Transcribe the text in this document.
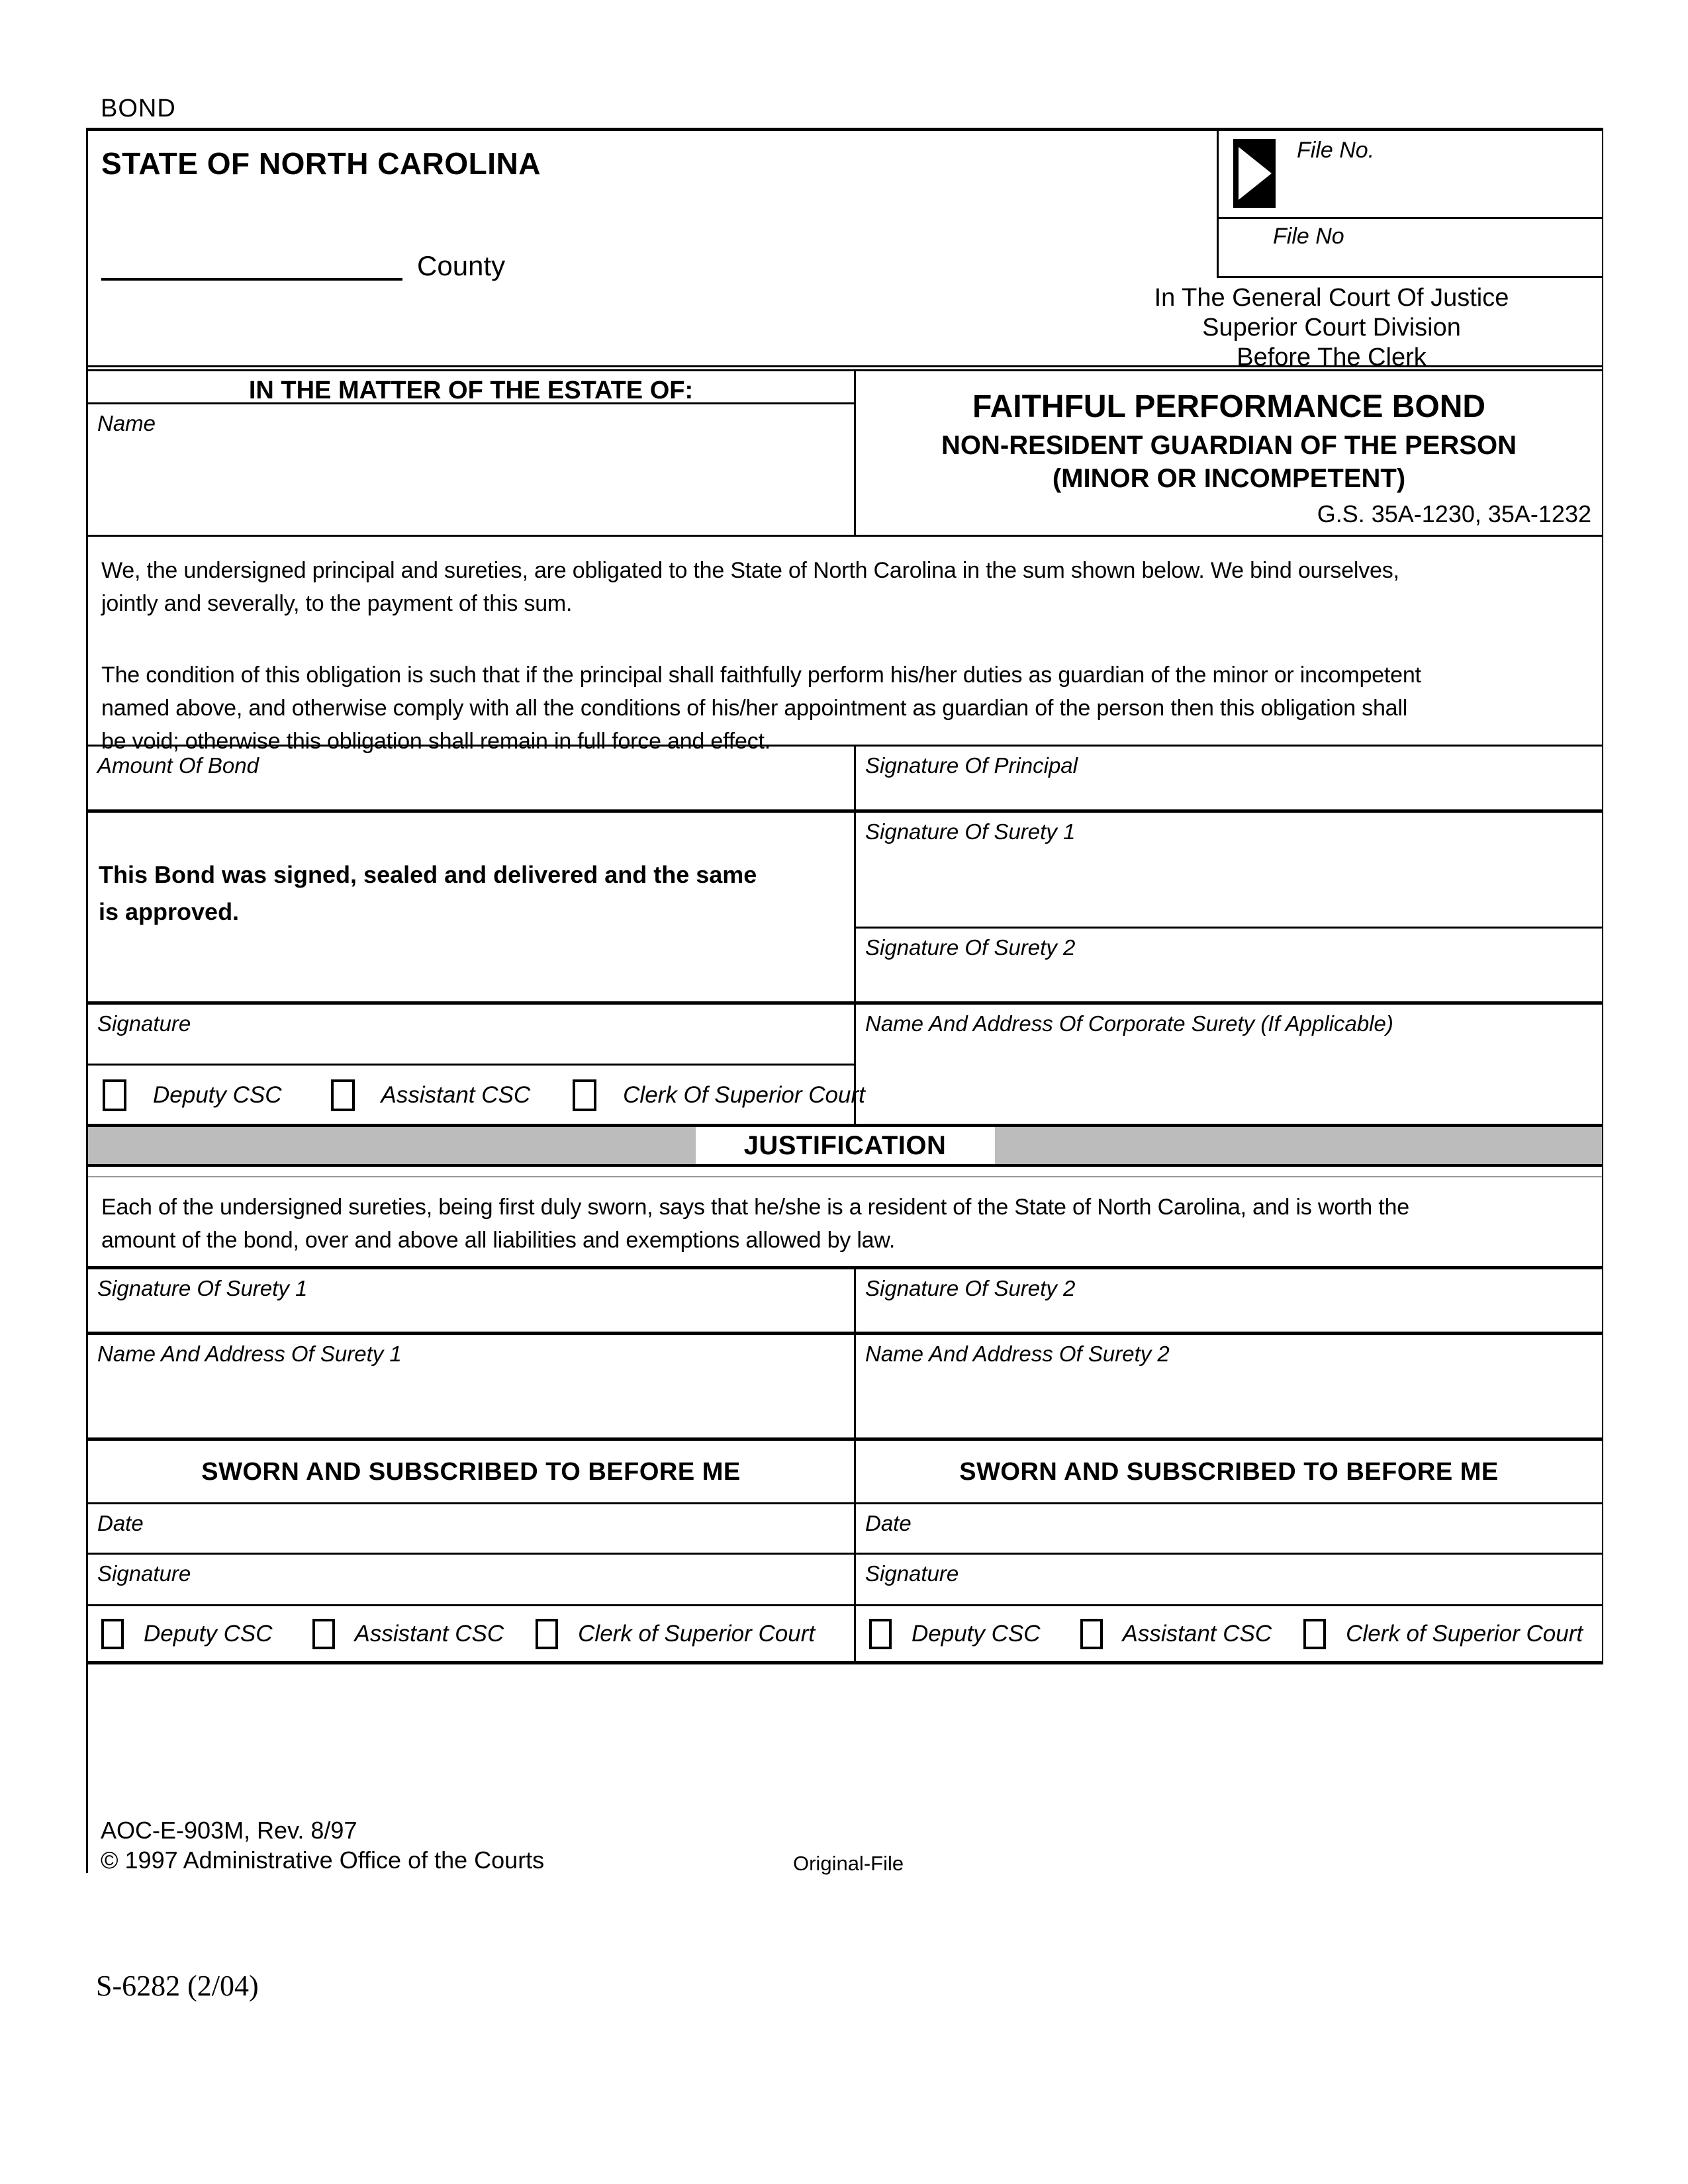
BOND
STATE OF NORTH CAROLINA
County
File No.
File No
In The General Court Of Justice
Superior Court Division
Before The Clerk
IN THE MATTER OF THE ESTATE OF:
Name	FAITHFUL PERFORMANCE BOND
NON-RESIDENT GUARDIAN OF THE PERSON
(MINOR OR INCOMPETENT)
G.S. 35A-1230, 35A-1232
We, the undersigned principal and sureties, are obligated to the State of North Carolina in the sum shown below. We bind ourselves,
jointly and severally, to the payment of this sum.
The condition of this obligation is such that if the principal shall faithfully perform his/her duties as guardian of the minor or incompetent
named above, and otherwise comply with all the conditions of his/her appointment as guardian of the person then this obligation shall
be void; otherwise this obligation shall remain in full force and effect.
Amount Of Bond	Signature Of Principal
This Bond was signed, sealed and delivered and the same
is approved.
Signature Of Surety 1
Signature Of Surety 2
Signature
Deputy CSC	Assistant CSC	Clerk Of Superior Court
Name And Address Of Corporate Surety (If Applicable)
JUSTIFICATION
Each of the undersigned sureties, being first duly sworn, says that he/she is a resident of the State of North Carolina, and is worth the
amount of the bond, over and above all liabilities and exemptions allowed by law.
Signature Of Surety 1	Signature Of Surety 2
Name And Address Of Surety 1	Name And Address Of Surety 2
SWORN AND SUBSCRIBED TO BEFORE ME	SWORN AND SUBSCRIBED TO BEFORE ME
Date	Date
Signature	Signature
Deputy CSC	Assistant CSC	Clerk of Superior Court	Deputy CSC	Assistant CSC	Clerk of Superior Court
AOC-E-903M, Rev. 8/97
© 1997 Administrative Office of the Courts	Original-File
S-6282 (2/04)
